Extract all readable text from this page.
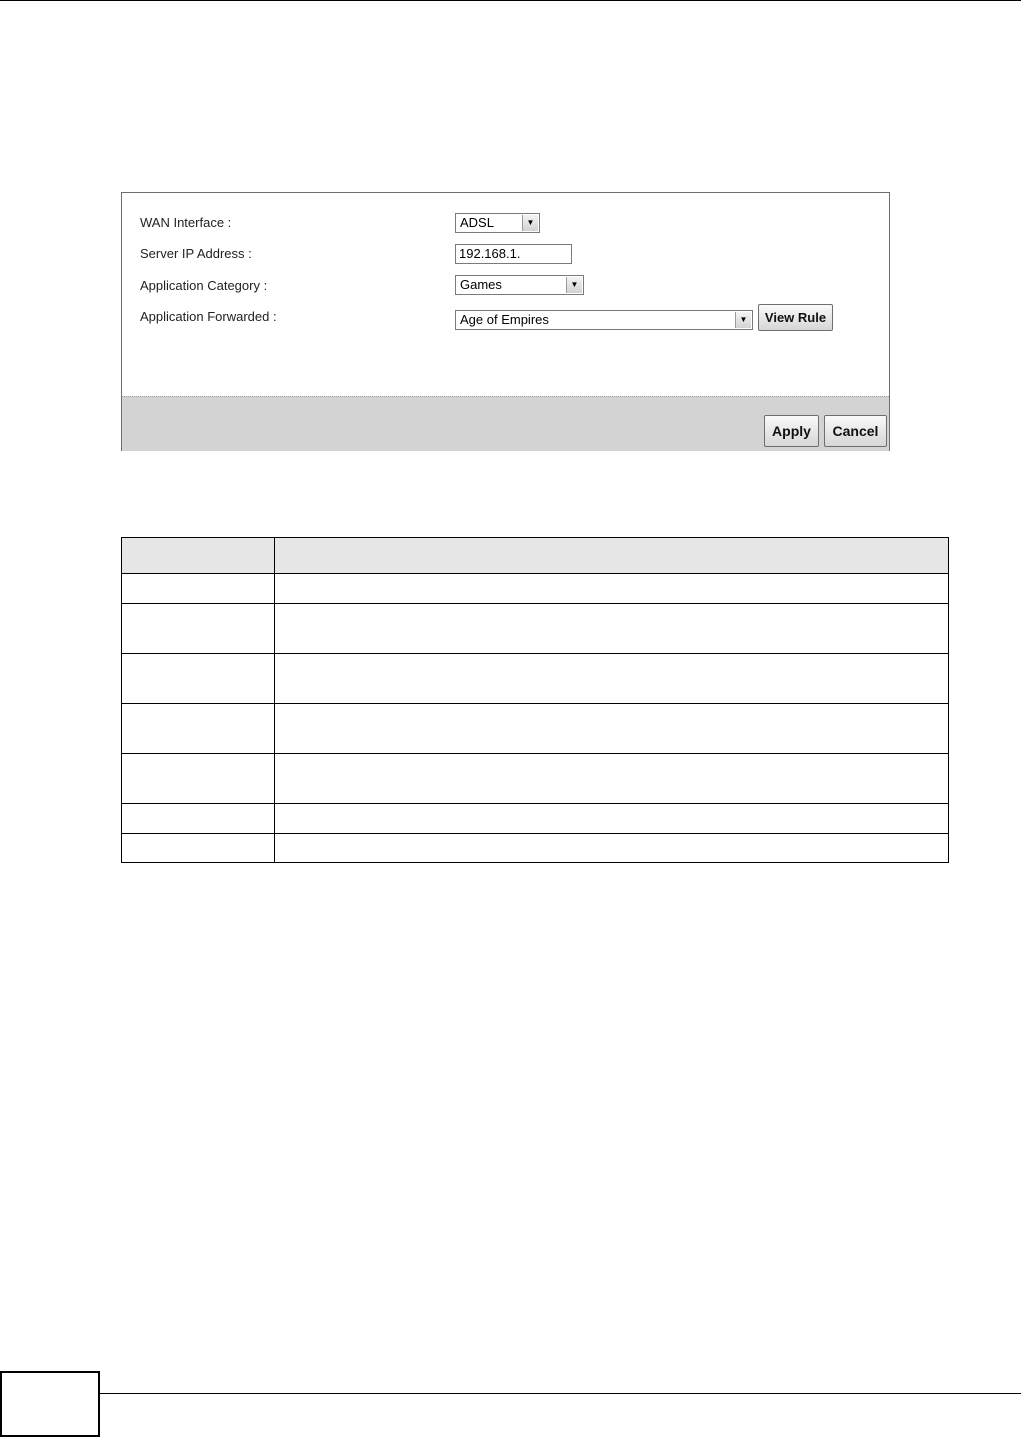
WAN Interface :	ADSL	▼
Server IP Address :	192.168.1.
Application Category :	Games	▼
Application Forwarded :	Age of Empires	▼	View Rule
Apply	Cancel
